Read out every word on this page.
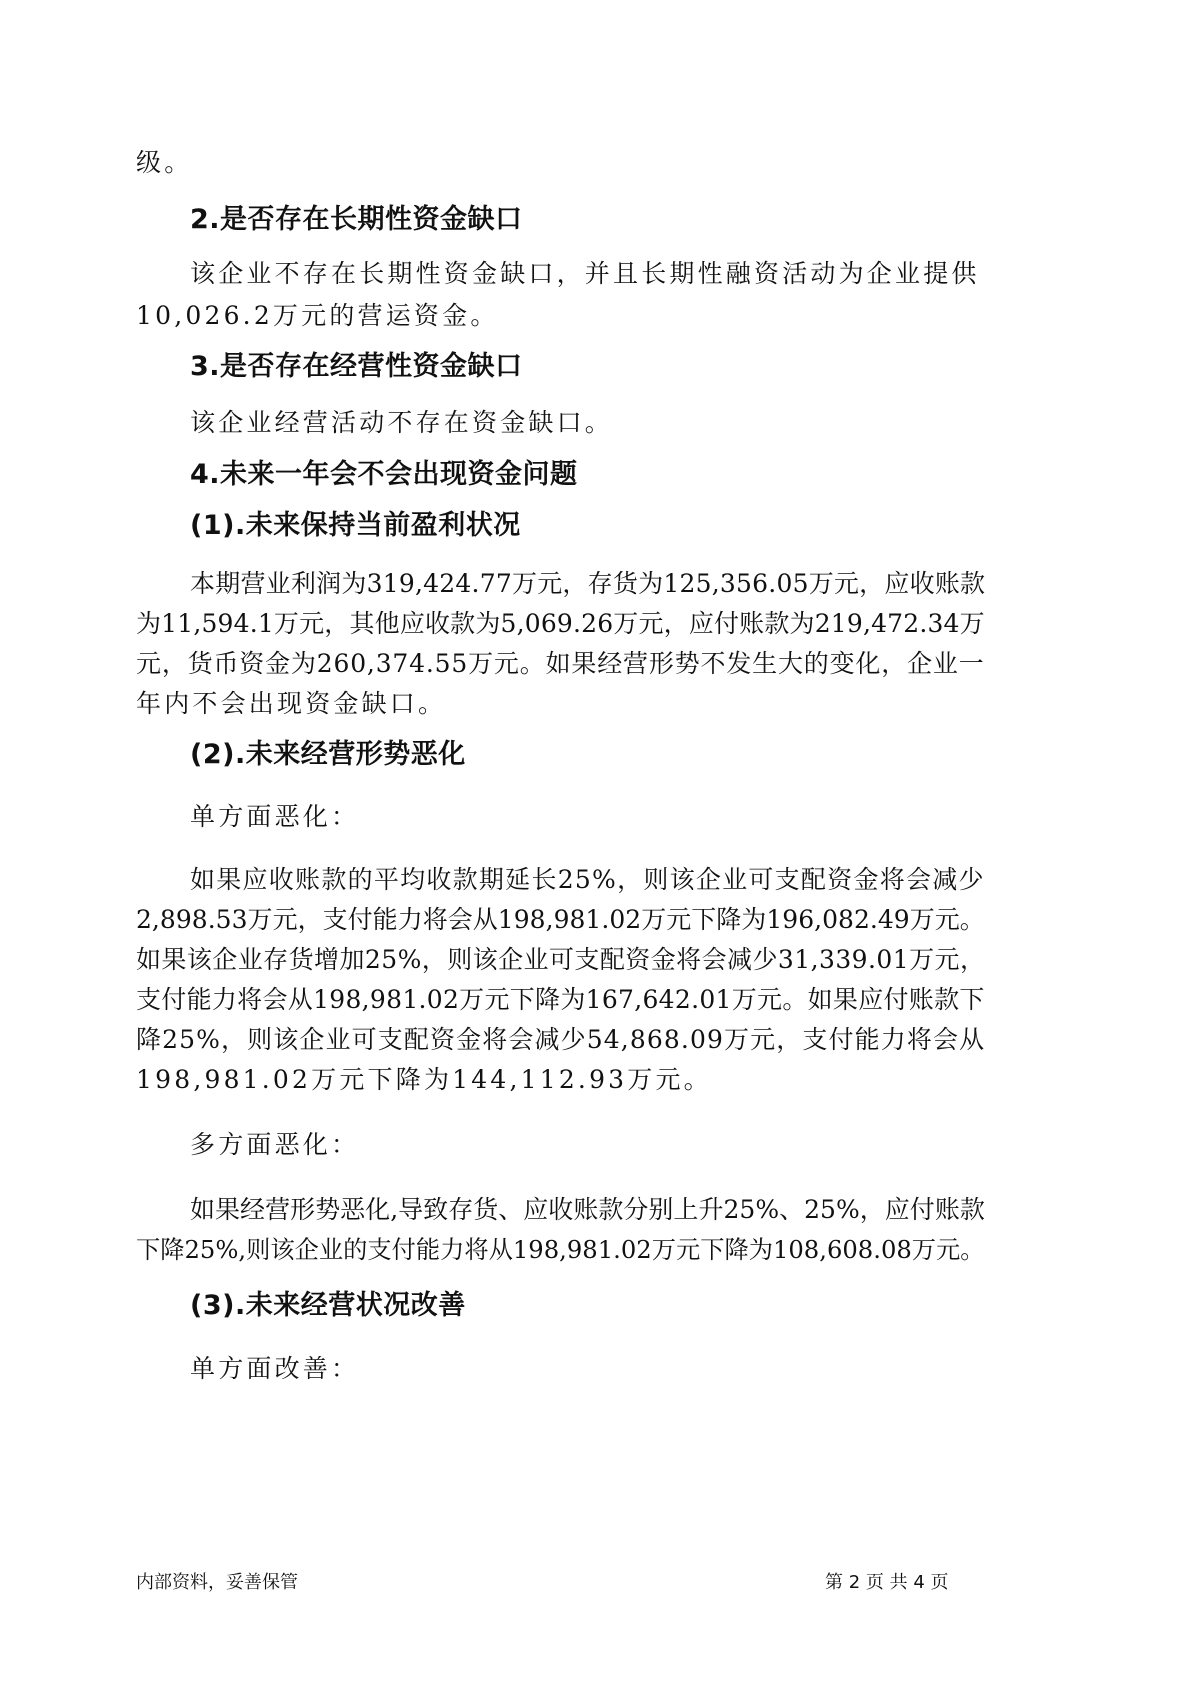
级。

2.是否存在长期性资金缺口

该企业不存在长期性资金缺口，并且长期性融资活动为企业提供

10,026.2万元的营运资金。

3.是否存在经营性资金缺口

该企业经营活动不存在资金缺口。

4.未来一年会不会出现资金问题

(1).未来保持当前盈利状况

本期营业利润为319,424.77万元，存货为125,356.05万元，应收账款

为11,594.1万元，其他应收款为5,069.26万元，应付账款为219,472.34万

元，货币资金为260,374.55万元。如果经营形势不发生大的变化，企业一

年内不会出现资金缺口。

(2).未来经营形势恶化

单方面恶化：

如果应收账款的平均收款期延长25%，则该企业可支配资金将会减少

2,898.53万元，支付能力将会从198,981.02万元下降为196,082.49万元。

如果该企业存货增加25%，则该企业可支配资金将会减少31,339.01万元，

支付能力将会从198,981.02万元下降为167,642.01万元。如果应付账款下

降25%，则该企业可支配资金将会减少54,868.09万元，支付能力将会从

198,981.02万元下降为144,112.93万元。

多方面恶化：

如果经营形势恶化,导致存货、应收账款分别上升25%、25%，应付账款

下降25%,则该企业的支付能力将从198,981.02万元下降为108,608.08万元。

(3).未来经营状况改善

单方面改善：

内部资料，妥善保管	第 2 页 共 4 页
